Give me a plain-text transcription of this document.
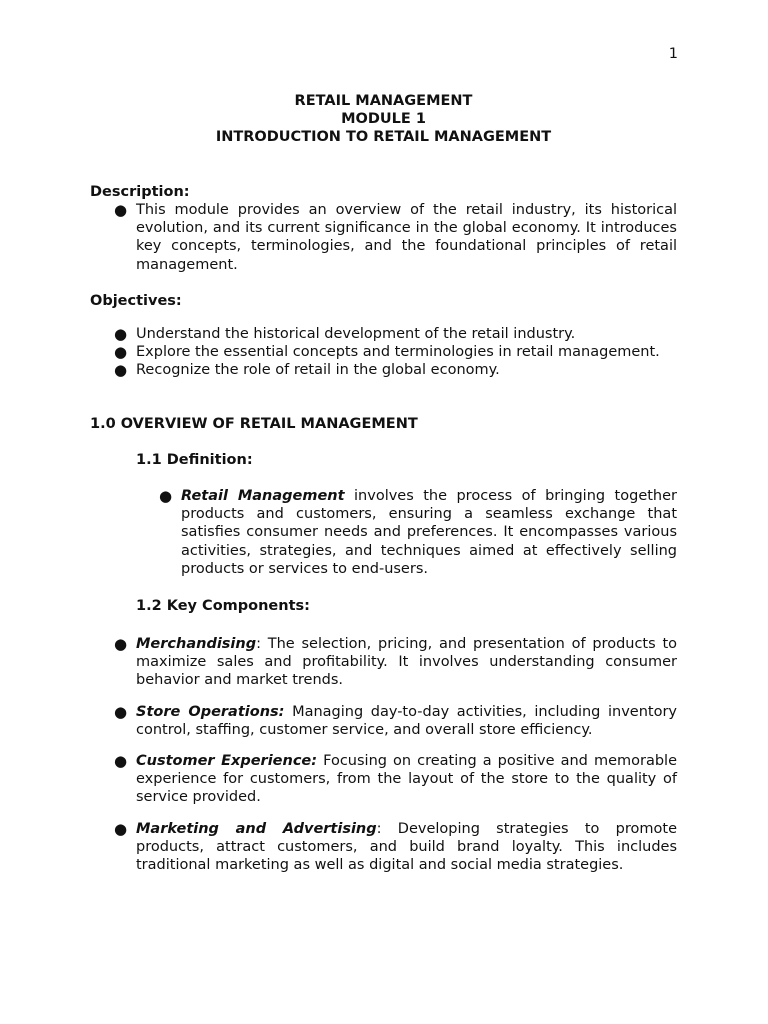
1
RETAIL MANAGEMENT
MODULE 1
INTRODUCTION TO RETAIL MANAGEMENT
Description:
● This module provides an overview of the retail industry, its historical evolution, and its current significance in the global economy. It introduces key concepts, terminologies, and the foundational principles of retail management.
Objectives:
● Understand the historical development of the retail industry.
● Explore the essential concepts and terminologies in retail management.
● Recognize the role of retail in the global economy.
1.0 OVERVIEW OF RETAIL MANAGEMENT
1.1 Definition:
● Retail Management involves the process of bringing together products and customers, ensuring a seamless exchange that satisfies consumer needs and preferences. It encompasses various activities, strategies, and techniques aimed at effectively selling products or services to end-users.
1.2 Key Components:
● Merchandising: The selection, pricing, and presentation of products to maximize sales and profitability. It involves understanding consumer behavior and market trends.
● Store Operations: Managing day-to-day activities, including inventory control, staffing, customer service, and overall store efficiency.
● Customer Experience: Focusing on creating a positive and memorable experience for customers, from the layout of the store to the quality of service provided.
● Marketing and Advertising: Developing strategies to promote products, attract customers, and build brand loyalty. This includes traditional marketing as well as digital and social media strategies.
